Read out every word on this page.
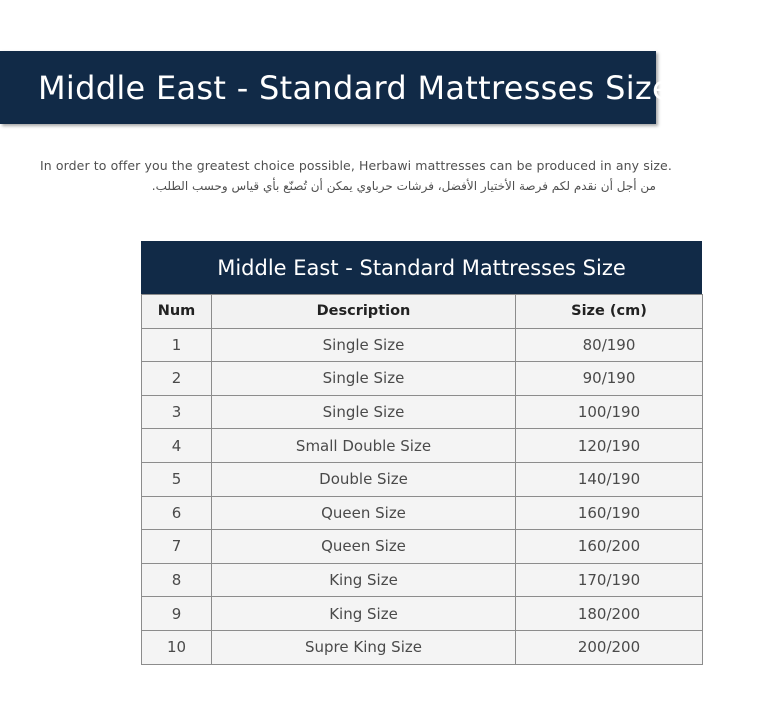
Middle East - Standard Mattresses Size
In order to offer you the greatest choice possible, Herbawi mattresses can be produced in any size.
من أجل أن نقدم لكم فرصة الأختيار الأفضل، فرشات حرباوي يمكن أن تُصنّع بأي قياس وحسب الطلب.
Middle East - Standard Mattresses Size
Num	Description	Size (cm)
1	Single Size	80/190
2	Single Size	90/190
3	Single Size	100/190
4	Small Double Size	120/190
5	Double Size	140/190
6	Queen Size	160/190
7	Queen Size	160/200
8	King Size	170/190
9	King Size	180/200
10	Supre King Size	200/200
